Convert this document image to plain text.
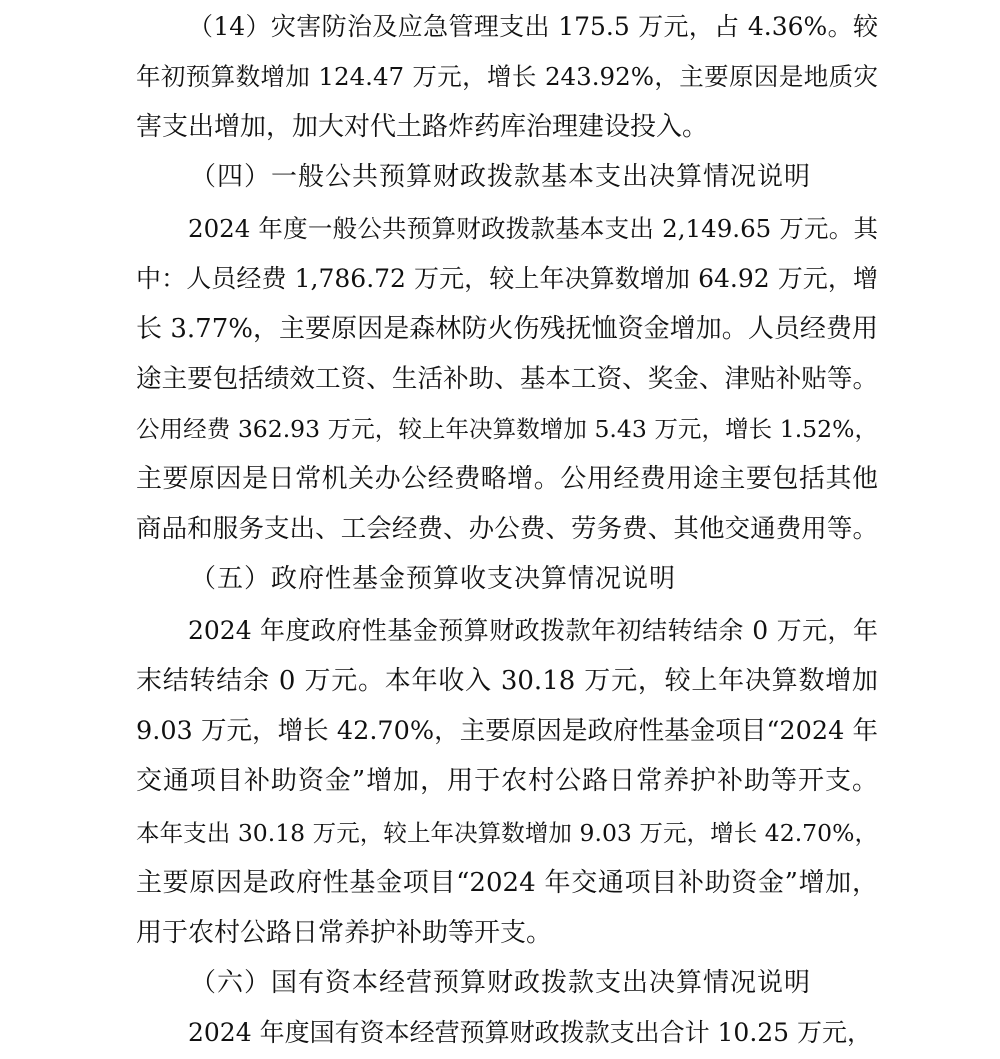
（14）灾害防治及应急管理支出 175.5 万元，占 4.36%。较
年初预算数增加 124.47 万元，增长 243.92%，主要原因是地质灾
害支出增加，加大对代土路炸药库治理建设投入。
（四）一般公共预算财政拨款基本支出决算情况说明
2024 年度一般公共预算财政拨款基本支出 2,149.65 万元。其
中：人员经费 1,786.72 万元，较上年决算数增加 64.92 万元，增
长 3.77%，主要原因是森林防火伤残抚恤资金增加。人员经费用
途主要包括绩效工资、生活补助、基本工资、奖金、津贴补贴等。
公用经费 362.93 万元，较上年决算数增加 5.43 万元，增长 1.52%，
主要原因是日常机关办公经费略增。公用经费用途主要包括其他
商品和服务支出、工会经费、办公费、劳务费、其他交通费用等。
（五）政府性基金预算收支决算情况说明
2024 年度政府性基金预算财政拨款年初结转结余 0 万元，年
末结转结余 0 万元。本年收入 30.18 万元，较上年决算数增加
9.03 万元，增长 42.70%，主要原因是政府性基金项目“2024 年
交通项目补助资金”增加，用于农村公路日常养护补助等开支。
本年支出 30.18 万元，较上年决算数增加 9.03 万元，增长 42.70%，
主要原因是政府性基金项目“2024 年交通项目补助资金”增加，
用于农村公路日常养护补助等开支。
（六）国有资本经营预算财政拨款支出决算情况说明
2024 年度国有资本经营预算财政拨款支出合计 10.25 万元，
